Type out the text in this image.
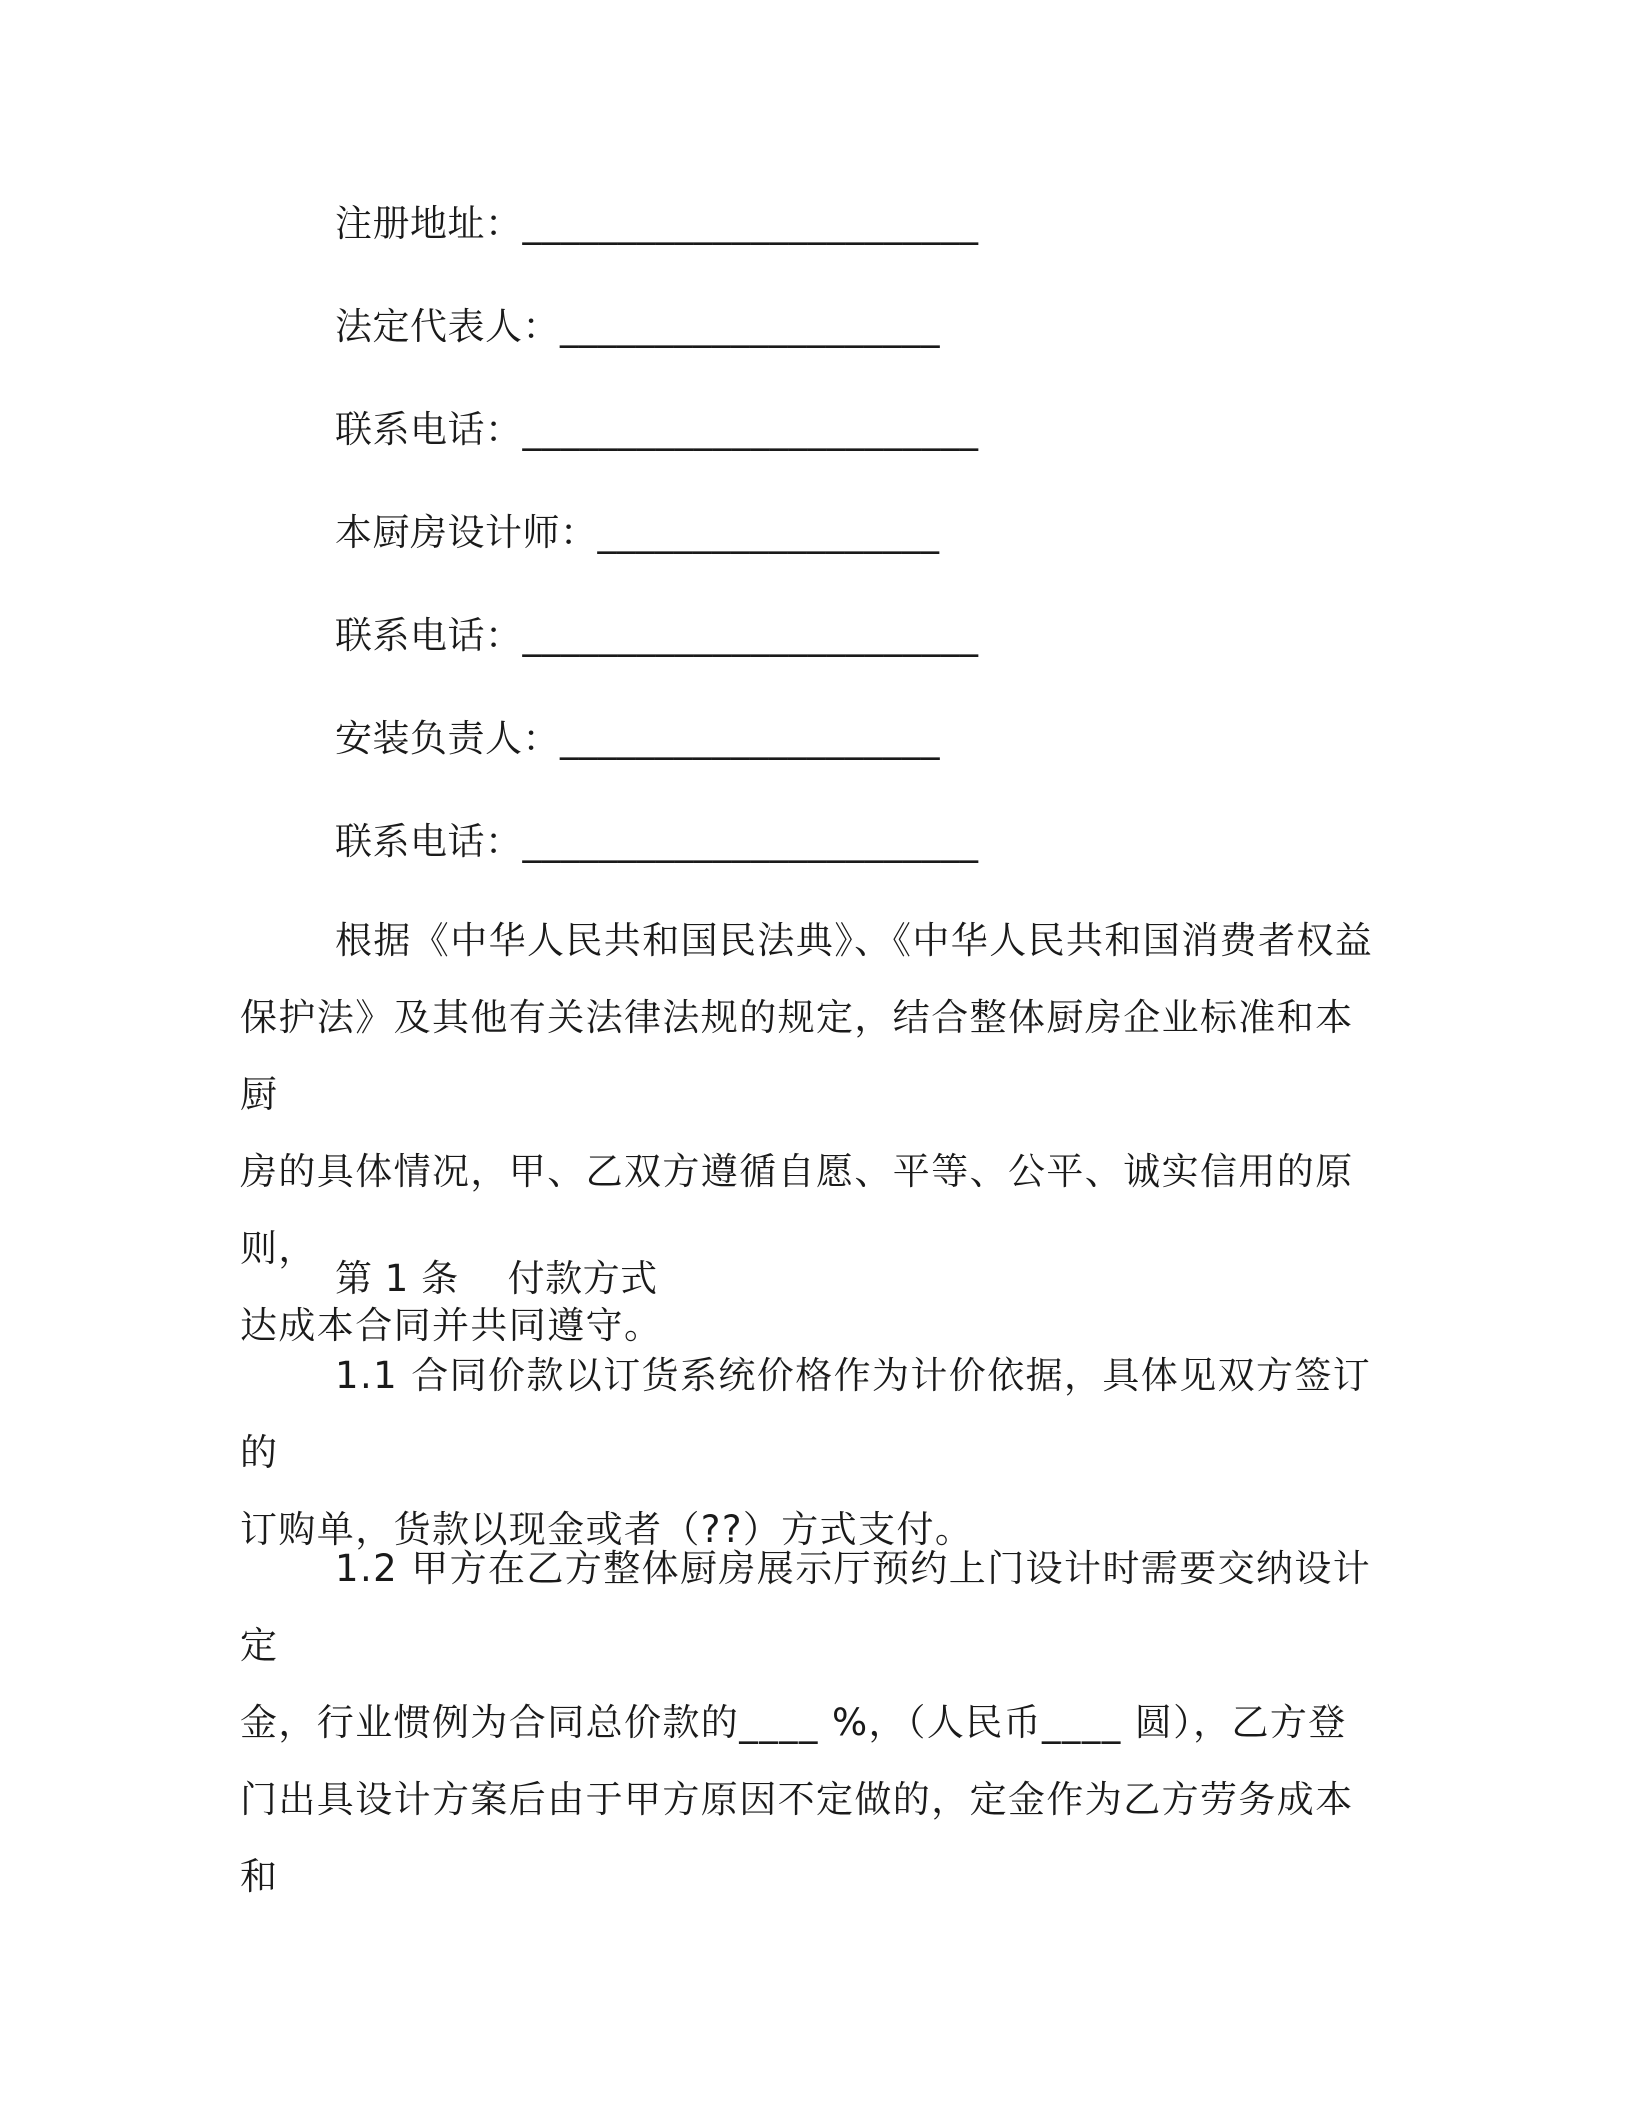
注册地址：________________________
法定代表人：____________________
联系电话：________________________
本厨房设计师：__________________
联系电话：________________________
安装负责人：____________________
联系电话：________________________

根据《中华人民共和国民法典》、《中华人民共和国消费者权益

保护法》及其他有关法律法规的规定，结合整体厨房企业标准和本厨

房的具体情况，甲、乙双方遵循自愿、平等、公平、诚实信用的原则，

达成本合同并共同遵守。

第 1 条    付款方式

1.1 合同价款以订货系统价格作为计价依据，具体见双方签订的

订购单，货款以现金或者（??）方式支付。

1.2 甲方在乙方整体厨房展示厅预约上门设计时需要交纳设计定

金，行业惯例为合同总价款的____ %，（人民币____ 圆），乙方登

门出具设计方案后由于甲方原因不定做的，定金作为乙方劳务成本和
